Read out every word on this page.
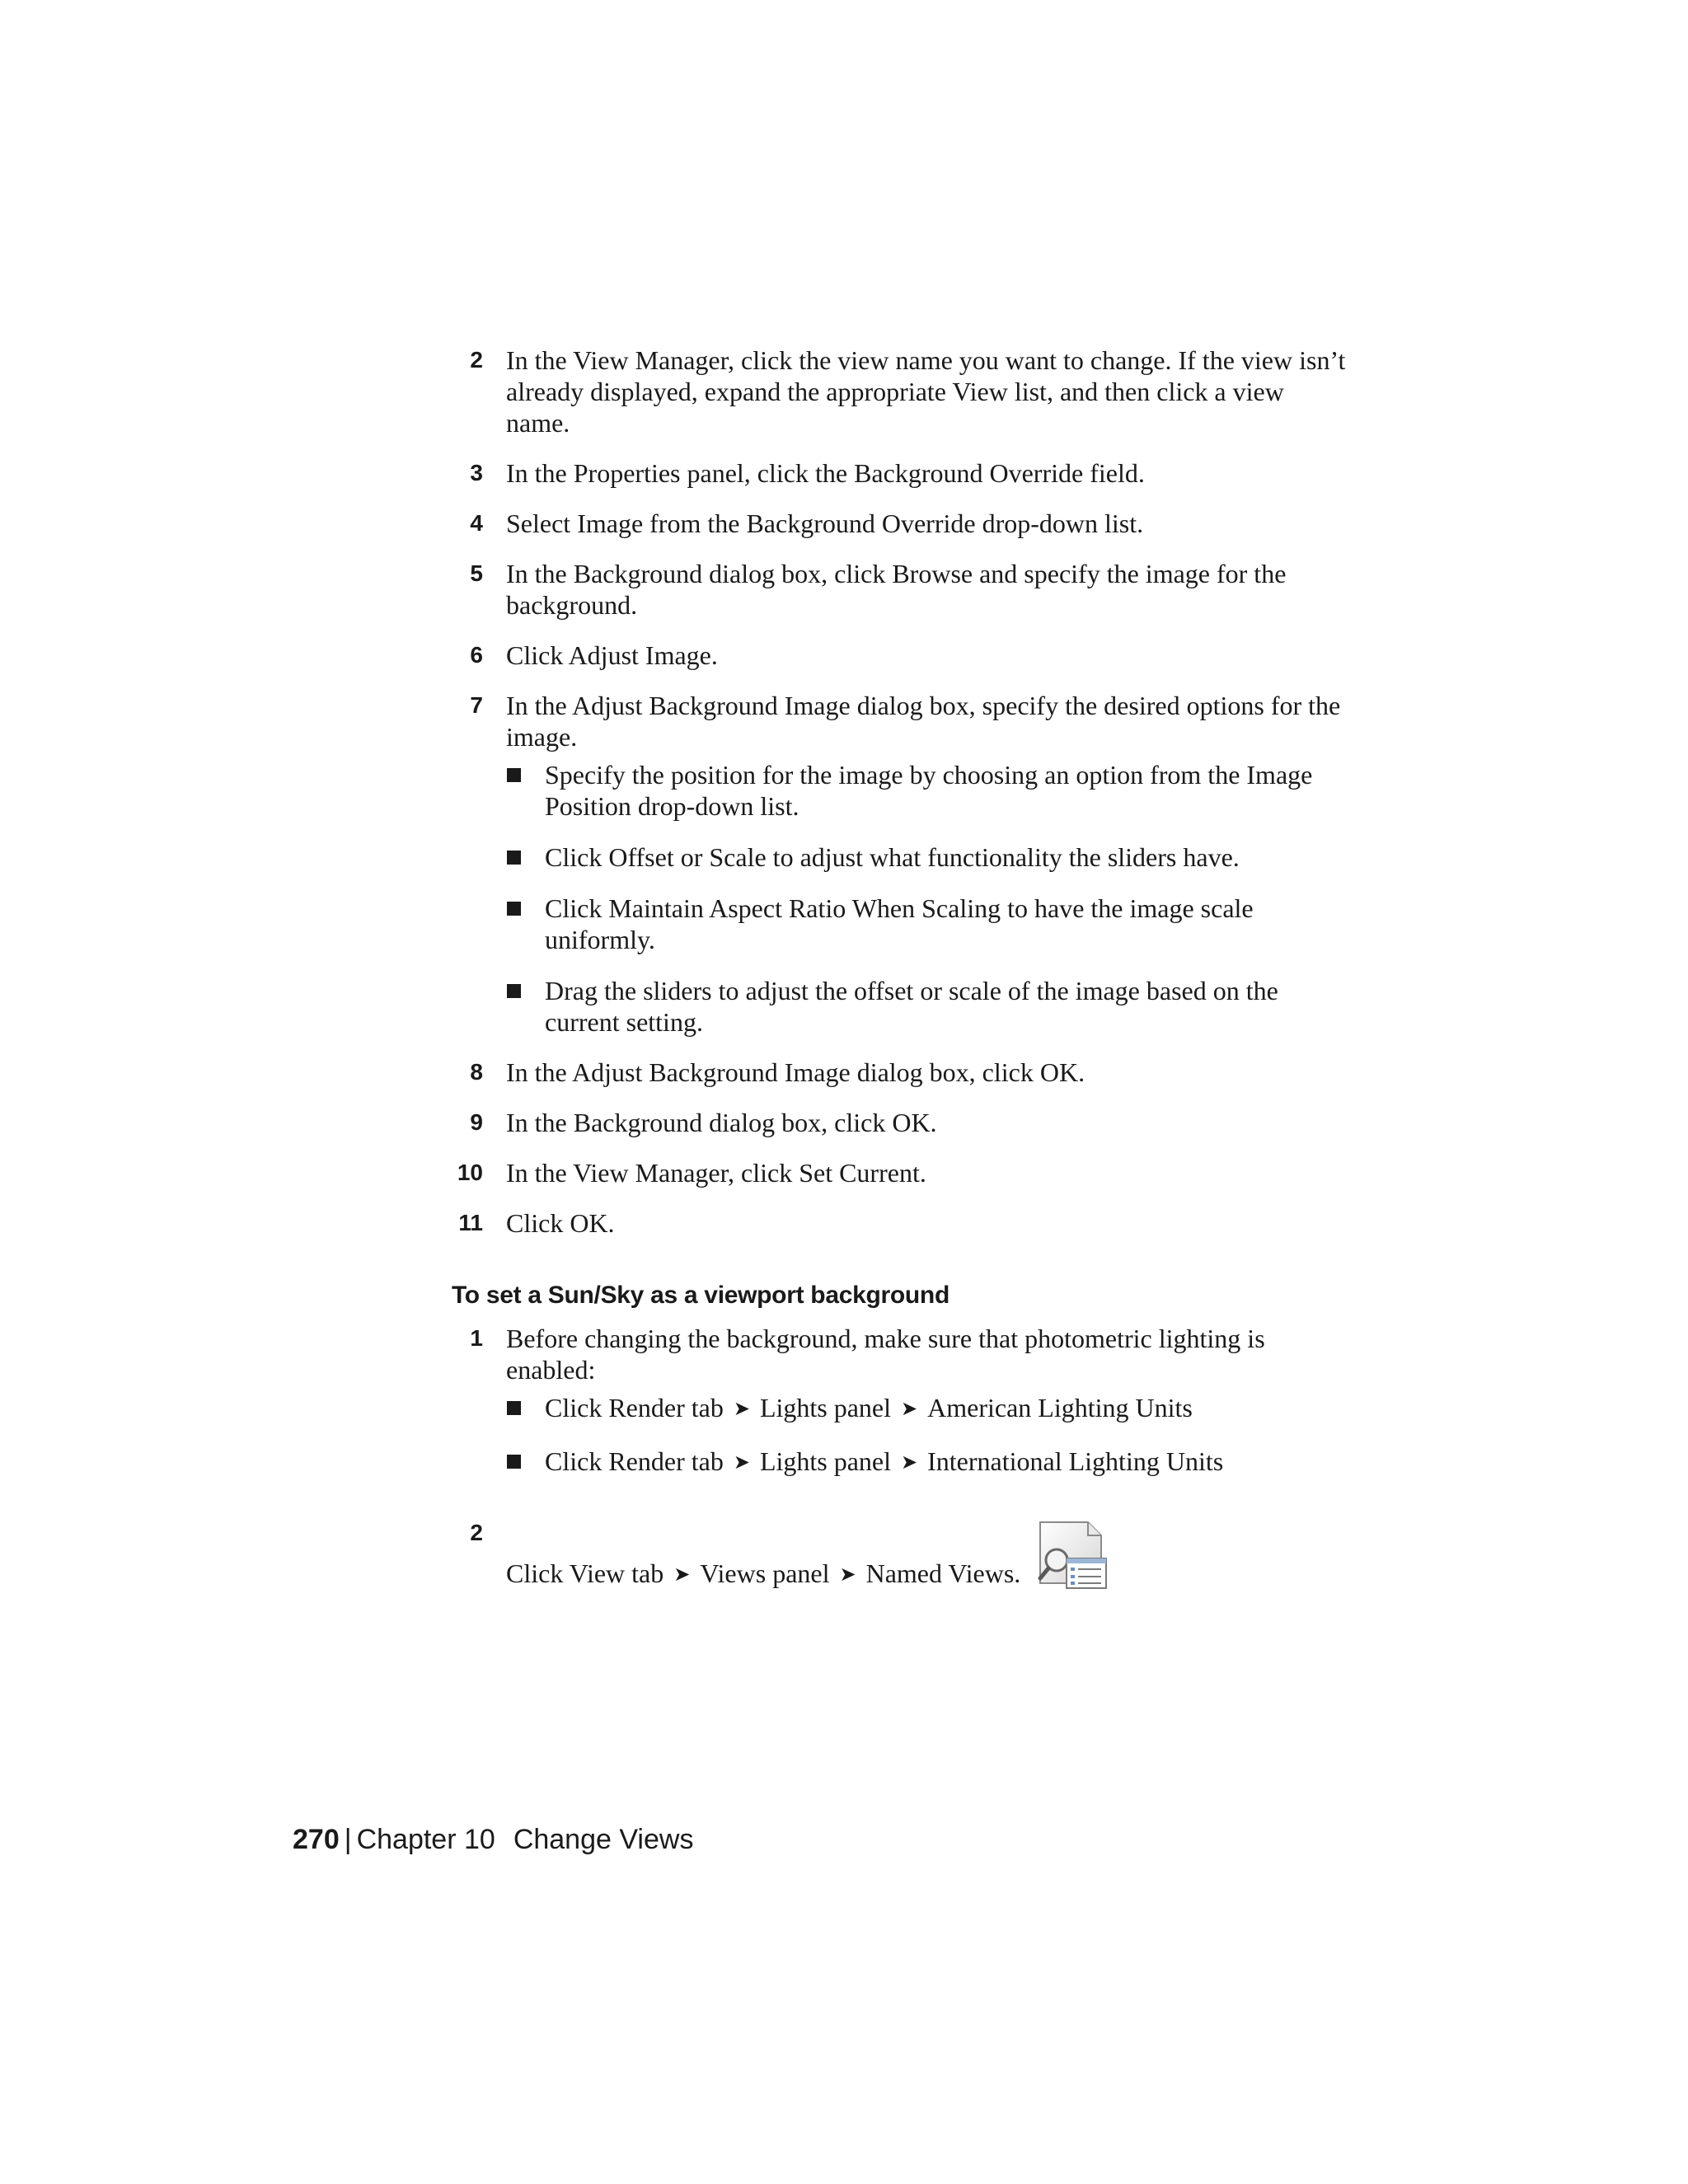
2 In the View Manager, click the view name you want to change. If the view isn’t already displayed, expand the appropriate View list, and then click a view name.
3 In the Properties panel, click the Background Override field.
4 Select Image from the Background Override drop-down list.
5 In the Background dialog box, click Browse and specify the image for the background.
6 Click Adjust Image.
7 In the Adjust Background Image dialog box, specify the desired options for the image.
Specify the position for the image by choosing an option from the Image Position drop-down list.
Click Offset or Scale to adjust what functionality the sliders have.
Click Maintain Aspect Ratio When Scaling to have the image scale uniformly.
Drag the sliders to adjust the offset or scale of the image based on the current setting.
8 In the Adjust Background Image dialog box, click OK.
9 In the Background dialog box, click OK.
10 In the View Manager, click Set Current.
11 Click OK.
To set a Sun/Sky as a viewport background
1 Before changing the background, make sure that photometric lighting is enabled:
Click Render tab ➤ Lights panel ➤ American Lighting Units
Click Render tab ➤ Lights panel ➤ International Lighting Units
2
Click View tab ➤ Views panel ➤ Named Views.
270 | Chapter 10 Change Views
